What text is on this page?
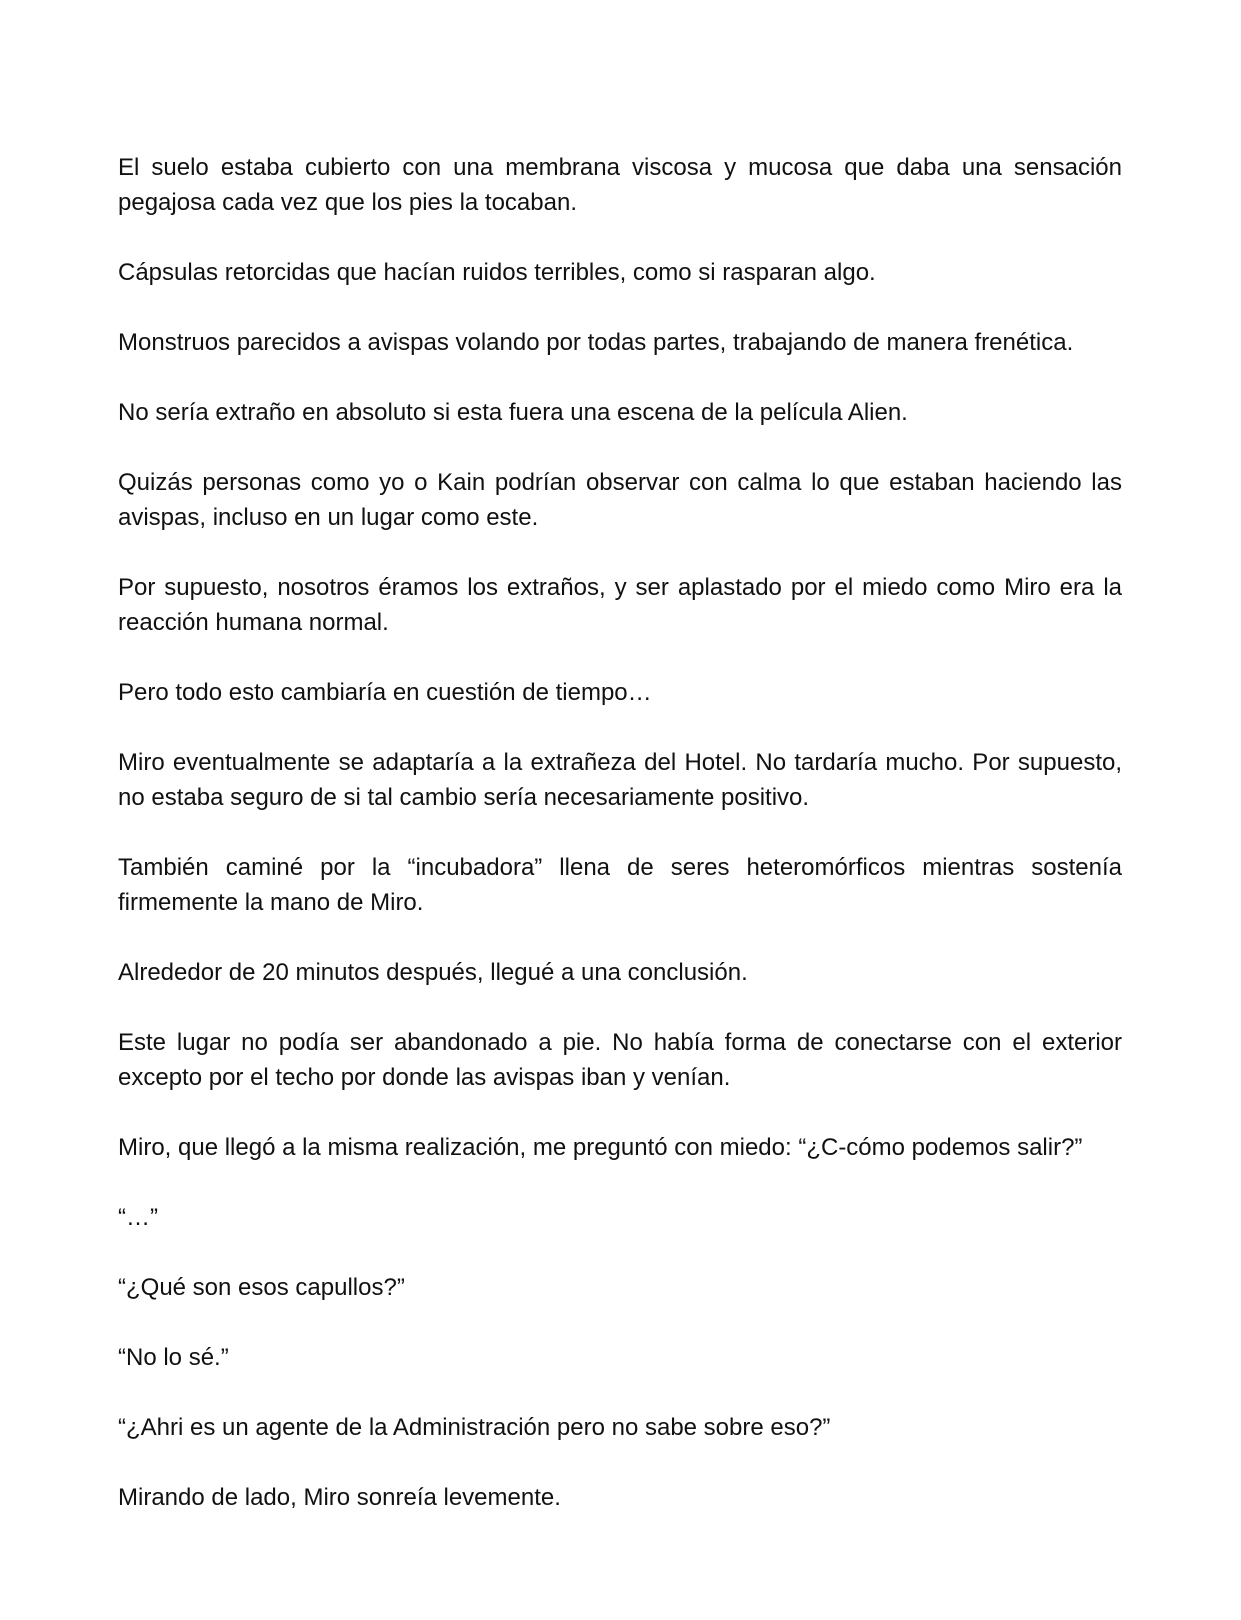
El suelo estaba cubierto con una membrana viscosa y mucosa que daba una sensación pegajosa cada vez que los pies la tocaban.

Cápsulas retorcidas que hacían ruidos terribles, como si rasparan algo.

Monstruos parecidos a avispas volando por todas partes, trabajando de manera frenética.

No sería extraño en absoluto si esta fuera una escena de la película Alien.

Quizás personas como yo o Kain podrían observar con calma lo que estaban haciendo las avispas, incluso en un lugar como este.

Por supuesto, nosotros éramos los extraños, y ser aplastado por el miedo como Miro era la reacción humana normal.

Pero todo esto cambiaría en cuestión de tiempo…

Miro eventualmente se adaptaría a la extrañeza del Hotel. No tardaría mucho. Por supuesto, no estaba seguro de si tal cambio sería necesariamente positivo.

También caminé por la “incubadora” llena de seres heteromórficos mientras sostenía firmemente la mano de Miro.

Alrededor de 20 minutos después, llegué a una conclusión.

Este lugar no podía ser abandonado a pie. No había forma de conectarse con el exterior excepto por el techo por donde las avispas iban y venían.

Miro, que llegó a la misma realización, me preguntó con miedo: “¿C-cómo podemos salir?”

“…”

“¿Qué son esos capullos?”

“No lo sé.”

“¿Ahri es un agente de la Administración pero no sabe sobre eso?”

Mirando de lado, Miro sonreía levemente.
